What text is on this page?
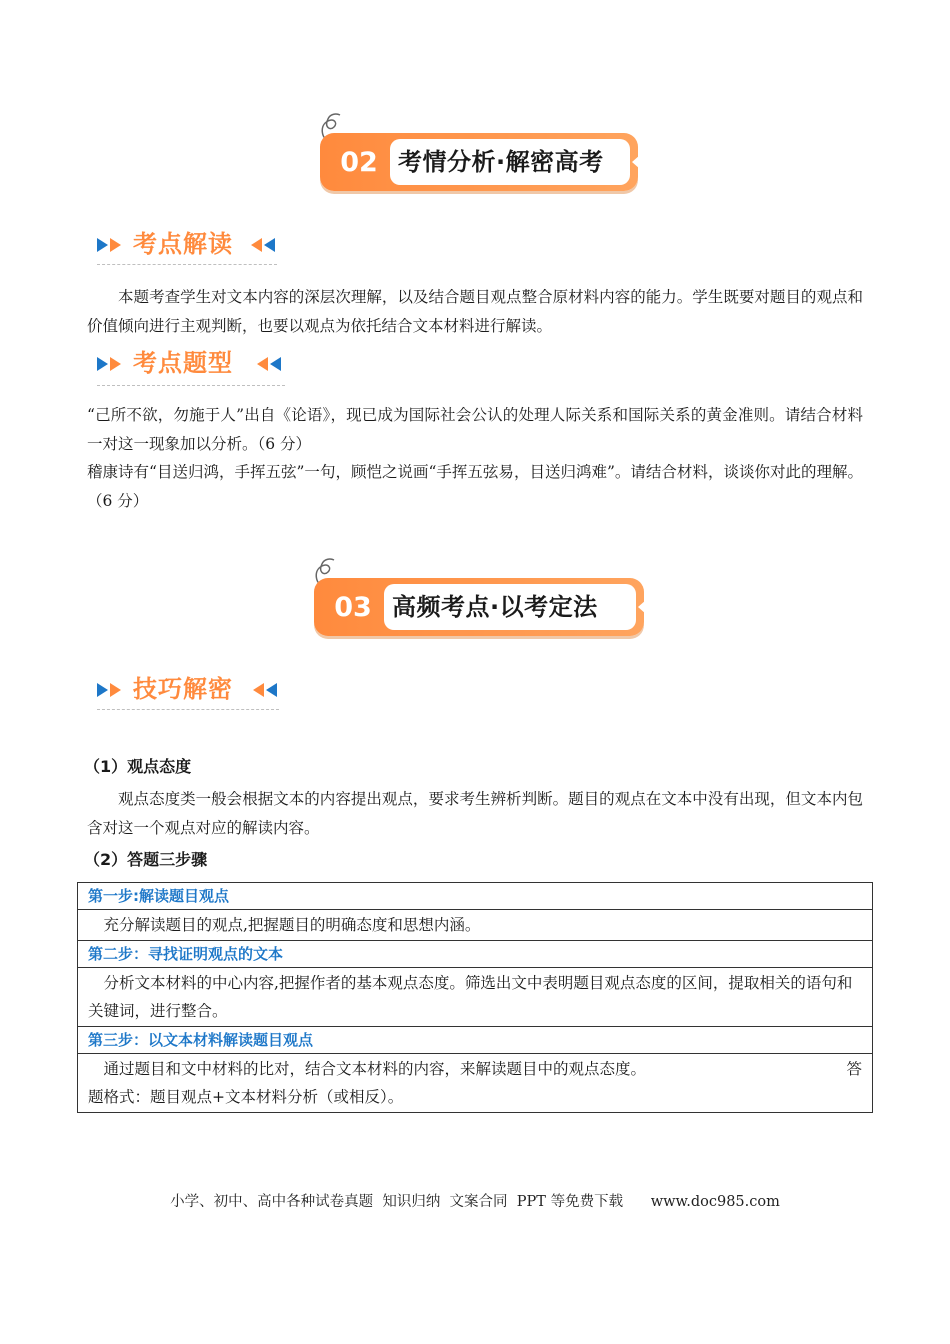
02 考情分析·解密高考
考点解读

　　本题考查学生对文本内容的深层次理解，以及结合题目观点整合原材料内容的能力。学生既要对题目的观点和价值倾向进行主观判断，也要以观点为依托结合文本材料进行解读。

考点题型

“己所不欲，勿施于人”出自《论语》，现已成为国际社会公认的处理人际关系和国际关系的黄金准则。请结合材料一对这一现象加以分析。（6 分）

稽康诗有“目送归鸿，手挥五弦”一句，顾恺之说画“手挥五弦易，目送归鸿难”。请结合材料，谈谈你对此的理解。（6 分）

03 高频考点·以考定法
技巧解密
（1）观点态度

　　观点态度类一般会根据文本的内容提出观点，要求考生辨析判断。题目的观点在文本中没有出现，但文本内包含对这一个观点对应的解读内容。

（2）答题三步骤
第一步:解读题目观点
　充分解读题目的观点,把握题目的明确态度和思想内涵。
第二步：寻找证明观点的文本
　分析文本材料的中心内容,把握作者的基本观点态度。筛选出文中表明题目观点态度的区间，提取相关的语句和关键词，进行整合。
第三步：以文本材料解读题目观点

　通过题目和文中材料的比对，结合文本材料的内容，来解读题目中的观点态度。	答
题格式：题目观点+文本材料分析（或相反）。
小学、初中、高中各种试卷真题  知识归纳  文案合同  PPT 等免费下载      www.doc985.com
